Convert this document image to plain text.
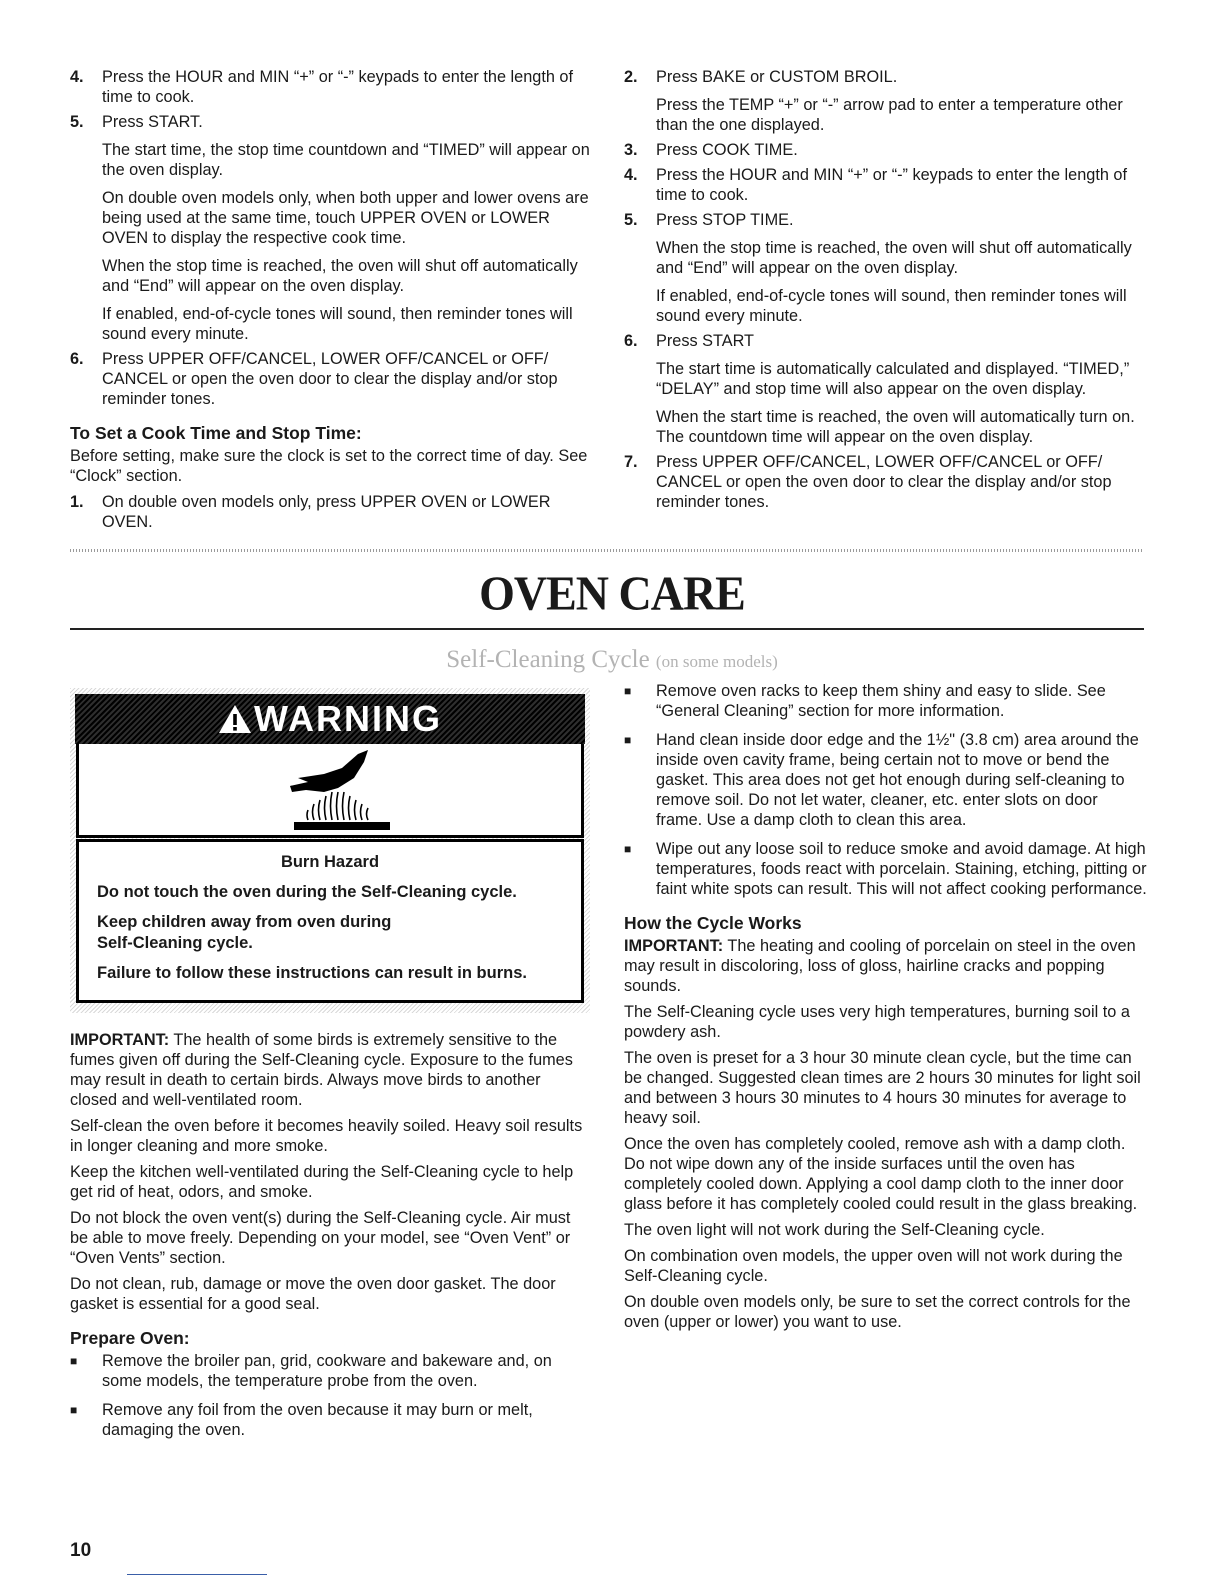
4.	Press the HOUR and MIN “+” or “-” keypads to enter the length of time to cook.

5.	Press START.

The start time, the stop time countdown and “TIMED” will appear on the oven display.

On double oven models only, when both upper and lower ovens are being used at the same time, touch UPPER OVEN or LOWER OVEN to display the respective cook time.

When the stop time is reached, the oven will shut off automatically and “End” will appear on the oven display.

If enabled, end-of-cycle tones will sound, then reminder tones will sound every minute.

6.	Press UPPER OFF/CANCEL, LOWER OFF/CANCEL or OFF/ CANCEL or open the oven door to clear the display and/or stop reminder tones.

To Set a Cook Time and Stop Time:

Before setting, make sure the clock is set to the correct time of day. See “Clock” section.

1.	On double oven models only, press UPPER OVEN or LOWER OVEN.

2.	Press BAKE or CUSTOM BROIL.

Press the TEMP “+” or “-” arrow pad to enter a temperature other than the one displayed.

3.	Press COOK TIME.

4.	Press the HOUR and MIN “+” or “-” keypads to enter the length of time to cook.

5.	Press STOP TIME.

When the stop time is reached, the oven will shut off automatically and “End” will appear on the oven display.

If enabled, end-of-cycle tones will sound, then reminder tones will sound every minute.

6.	Press START

The start time is automatically calculated and displayed. “TIMED,” “DELAY” and stop time will also appear on the oven display.

When the start time is reached, the oven will automatically turn on. The countdown time will appear on the oven display.

7.	Press UPPER OFF/CANCEL, LOWER OFF/CANCEL or OFF/ CANCEL or open the oven door to clear the display and/or stop reminder tones.

OVEN CARE
Self-Cleaning Cycle (on some models)
WARNING
Burn Hazard
Do not touch the oven during the Self-Cleaning cycle.
Keep children away from oven during Self-Cleaning cycle.
Failure to follow these instructions can result in burns.

IMPORTANT: The health of some birds is extremely sensitive to the fumes given off during the Self-Cleaning cycle. Exposure to the fumes may result in death to certain birds. Always move birds to another closed and well-ventilated room.

Self-clean the oven before it becomes heavily soiled. Heavy soil results in longer cleaning and more smoke.

Keep the kitchen well-ventilated during the Self-Cleaning cycle to help get rid of heat, odors, and smoke.

Do not block the oven vent(s) during the Self-Cleaning cycle. Air must be able to move freely. Depending on your model, see “Oven Vent” or “Oven Vents” section.

Do not clean, rub, damage or move the oven door gasket. The door gasket is essential for a good seal.

Prepare Oven:
■	Remove the broiler pan, grid, cookware and bakeware and, on some models, the temperature probe from the oven.
■	Remove any foil from the oven because it may burn or melt, damaging the oven.
■	Remove oven racks to keep them shiny and easy to slide. See “General Cleaning” section for more information.
■	Hand clean inside door edge and the 1½" (3.8 cm) area around the inside oven cavity frame, being certain not to move or bend the gasket. This area does not get hot enough during self-cleaning to remove soil. Do not let water, cleaner, etc. enter slots on door frame. Use a damp cloth to clean this area.
■	Wipe out any loose soil to reduce smoke and avoid damage. At high temperatures, foods react with porcelain. Staining, etching, pitting or faint white spots can result. This will not affect cooking performance.
How the Cycle Works

IMPORTANT: The heating and cooling of porcelain on steel in the oven may result in discoloring, loss of gloss, hairline cracks and popping sounds.

The Self-Cleaning cycle uses very high temperatures, burning soil to a powdery ash.

The oven is preset for a 3 hour 30 minute clean cycle, but the time can be changed. Suggested clean times are 2 hours 30 minutes for light soil and between 3 hours 30 minutes to 4 hours 30 minutes for average to heavy soil.

Once the oven has completely cooled, remove ash with a damp cloth. Do not wipe down any of the inside surfaces until the oven has completely cooled down. Applying a cool damp cloth to the inner door glass before it has completely cooled could result in the glass breaking.

The oven light will not work during the Self-Cleaning cycle.

On combination oven models, the upper oven will not work during the Self-Cleaning cycle.

On double oven models only, be sure to set the correct controls for the oven (upper or lower) you want to use.

10
